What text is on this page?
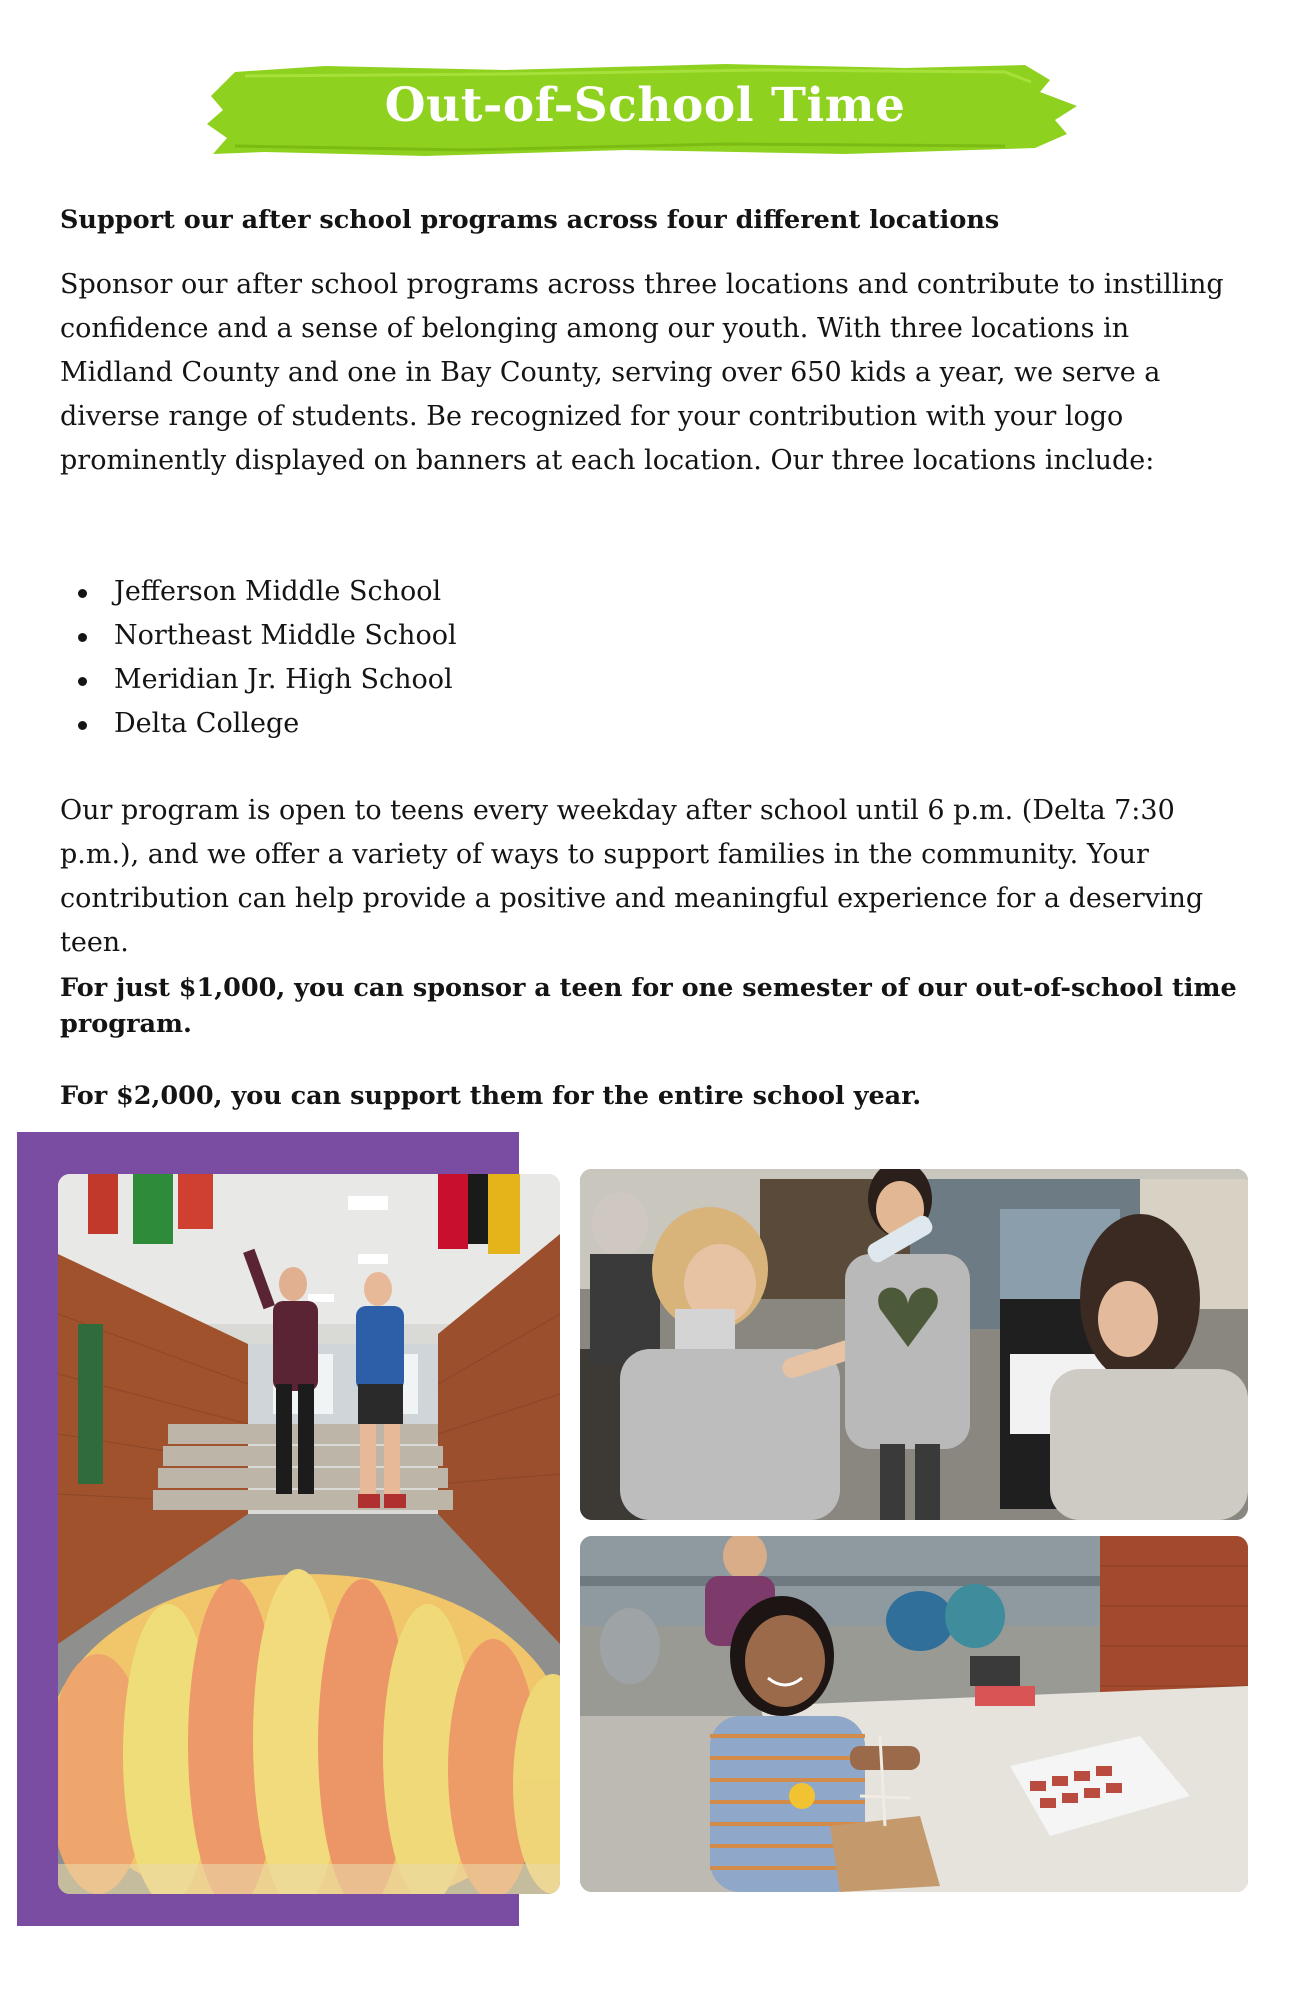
Out-of-School Time
Support our after school programs across four different locations

Sponsor our after school programs across three locations and contribute to instilling confidence and a sense of belonging among our youth. With three locations in Midland County and one in Bay County, serving over 650 kids a year, we serve a diverse range of students. Be recognized for your contribution with your logo prominently displayed on banners at each location. Our three locations include:

Jefferson Middle School
Northeast Middle School
Meridian Jr. High School
Delta College

Our program is open to teens every weekday after school until 6 p.m. (Delta 7:30 p.m.), and we offer a variety of ways to support families in the community. Your contribution can help provide a positive and meaningful experience for a deserving teen.

For just $1,000, you can sponsor a teen for one semester of our out-of-school time program.

For $2,000, you can support them for the entire school year.
